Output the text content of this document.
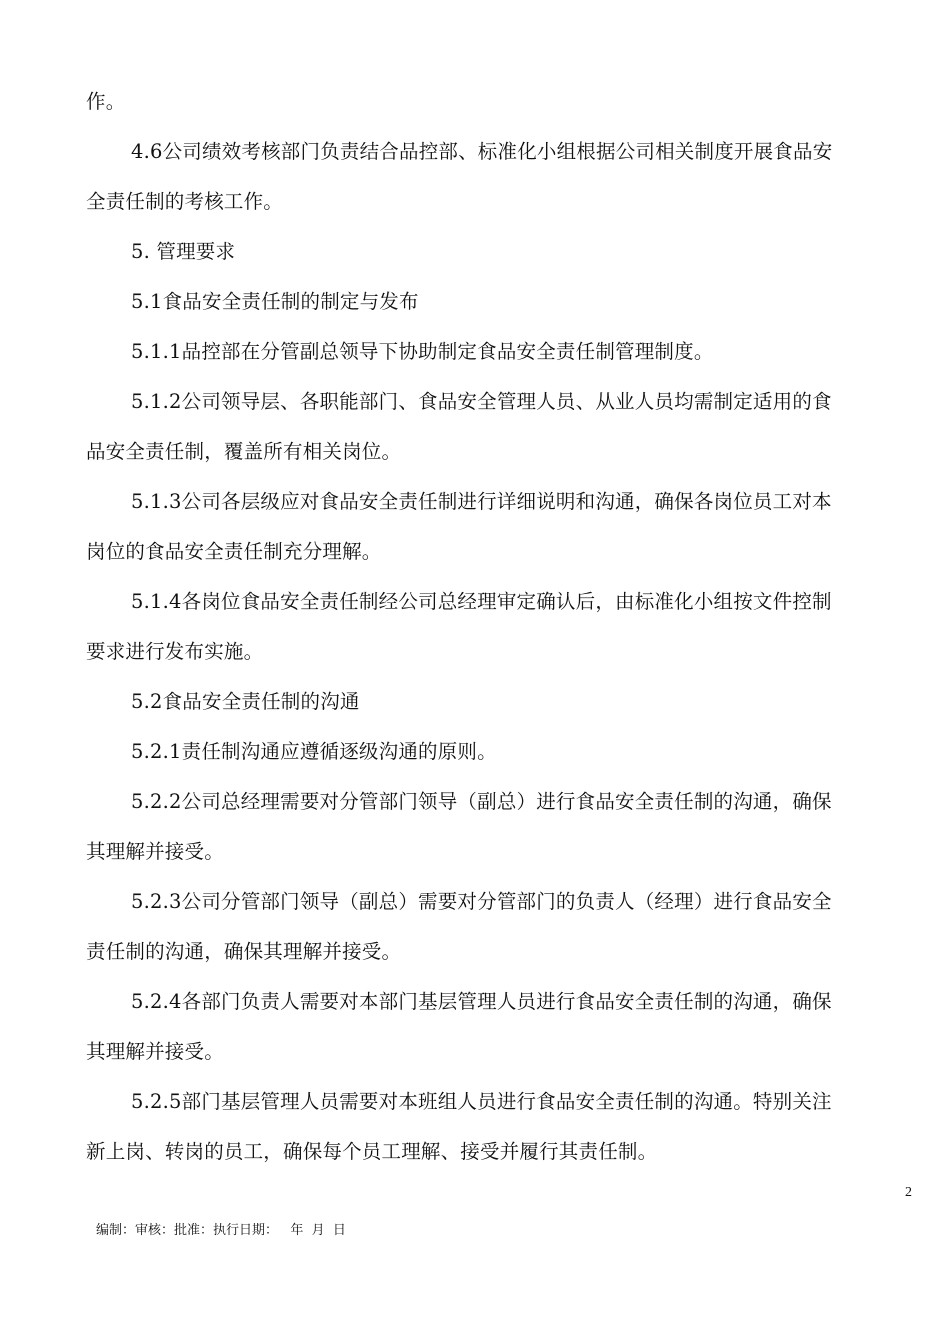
作。
4.6公司绩效考核部门负责结合品控部、标准化小组根据公司相关制度开展食品安
全责任制的考核工作。
5. 管理要求
5.1食品安全责任制的制定与发布
5.1.1品控部在分管副总领导下协助制定食品安全责任制管理制度。
5.1.2公司领导层、各职能部门、食品安全管理人员、从业人员均需制定适用的食
品安全责任制，覆盖所有相关岗位。
5.1.3公司各层级应对食品安全责任制进行详细说明和沟通，确保各岗位员工对本
岗位的食品安全责任制充分理解。
5.1.4各岗位食品安全责任制经公司总经理审定确认后，由标准化小组按文件控制
要求进行发布实施。
5.2食品安全责任制的沟通
5.2.1责任制沟通应遵循逐级沟通的原则。
5.2.2公司总经理需要对分管部门领导（副总）进行食品安全责任制的沟通，确保
其理解并接受。
5.2.3公司分管部门领导（副总）需要对分管部门的负责人（经理）进行食品安全
责任制的沟通，确保其理解并接受。
5.2.4各部门负责人需要对本部门基层管理人员进行食品安全责任制的沟通，确保
其理解并接受。
5.2.5部门基层管理人员需要对本班组人员进行食品安全责任制的沟通。特别关注
新上岗、转岗的员工，确保每个员工理解、接受并履行其责任制。
2
编制：审核：批准：执行日期：   年  月  日
